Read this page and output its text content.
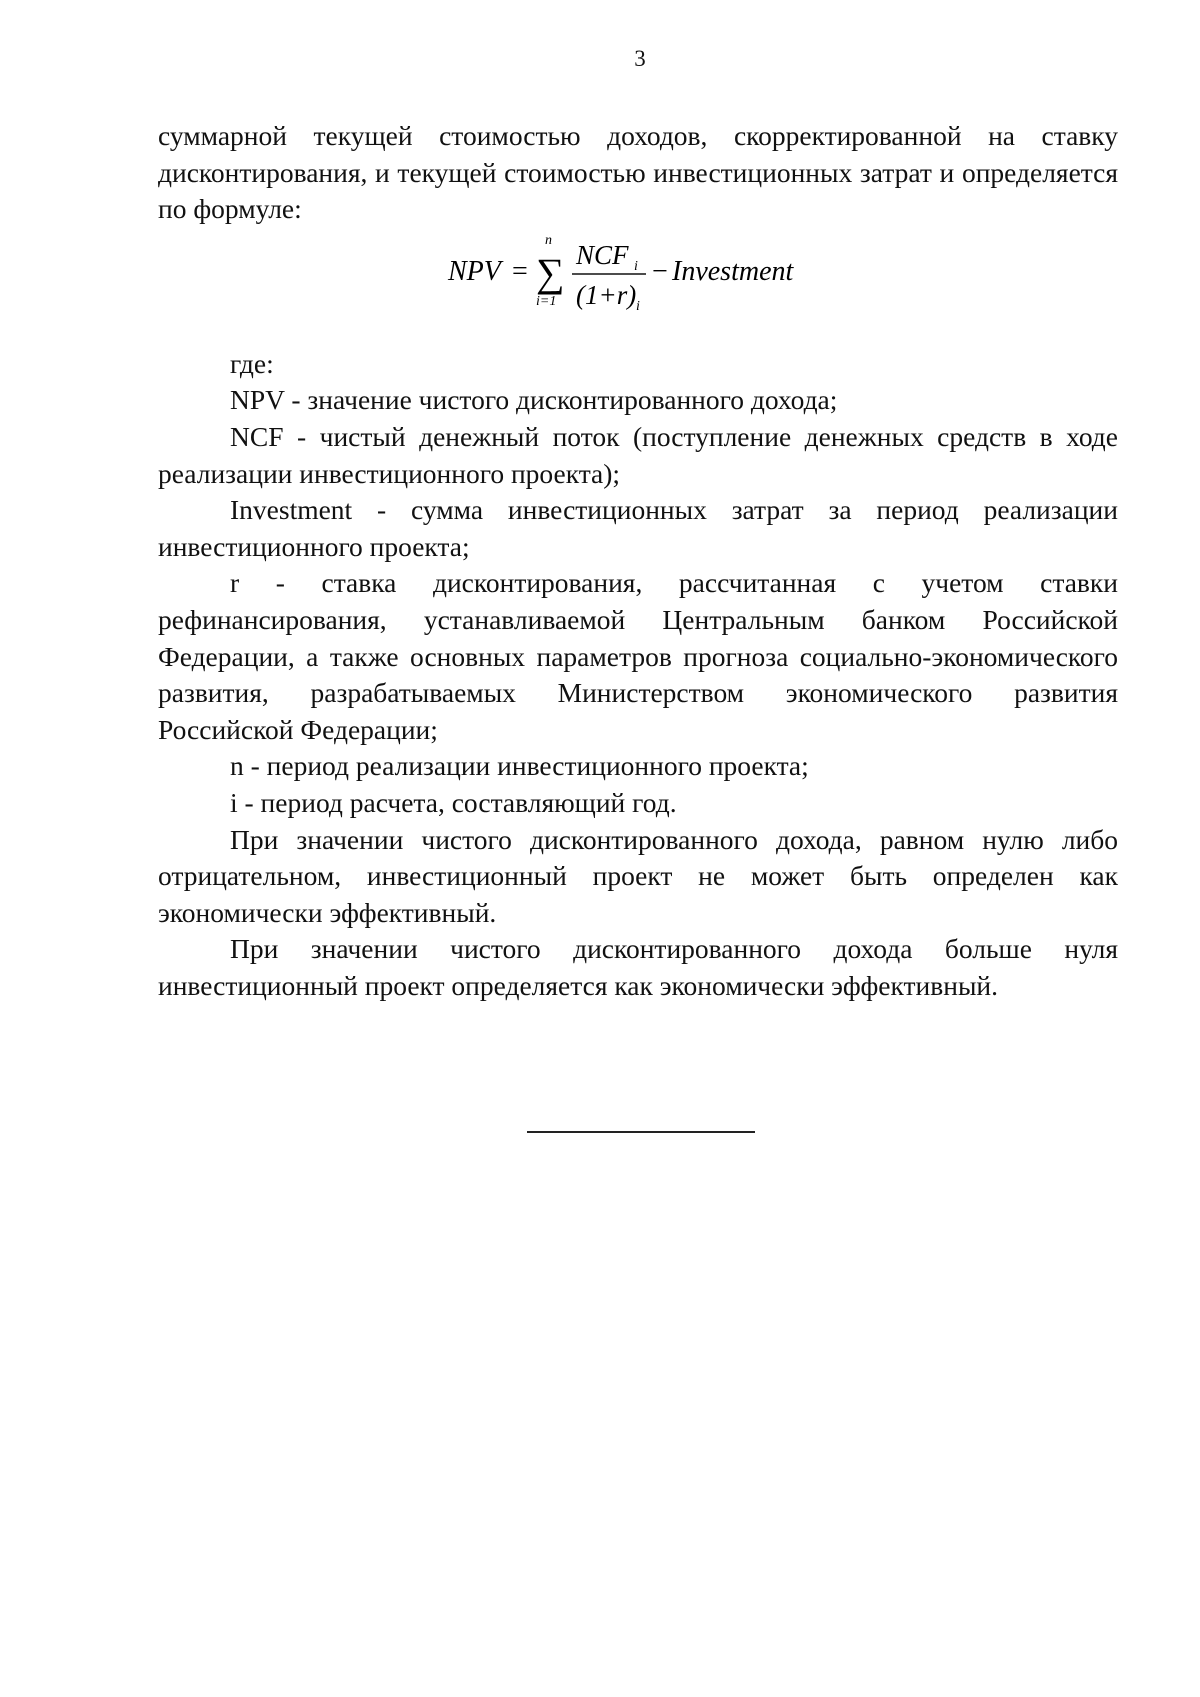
3

суммарной текущей стоимостью доходов, скорректированной на ставку дисконтирования, и текущей стоимостью инвестиционных затрат и определяется по формуле:

NPV = ∑
n
i=1
NCF i
(1+r) i
− Investment

где:

NPV - значение чистого дисконтированного дохода;

NCF - чистый денежный поток (поступление денежных средств в ходе реализации инвестиционного проекта);

Investment - сумма инвестиционных затрат за период реализации инвестиционного проекта;

r - ставка дисконтирования, рассчитанная с учетом ставки рефинансирования, устанавливаемой Центральным банком Российской Федерации, а также основных параметров прогноза социально-экономического развития, разрабатываемых Министерством экономического развития Российской Федерации;

n - период реализации инвестиционного проекта;

i - период расчета, составляющий год.

При значении чистого дисконтированного дохода, равном нулю либо отрицательном, инвестиционный проект не может быть определен как экономически эффективный.

При значении чистого дисконтированного дохода больше нуля инвестиционный проект определяется как экономически эффективный.
